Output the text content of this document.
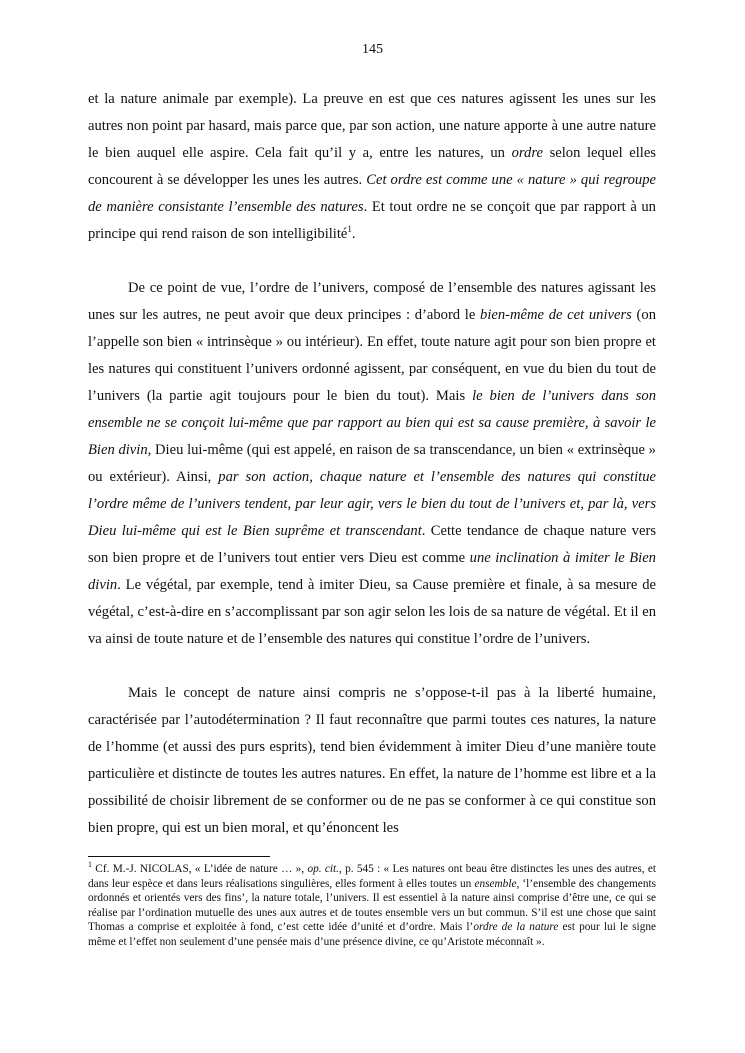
145

et la nature animale par exemple). La preuve en est que ces natures agissent les unes sur les autres non point par hasard, mais parce que, par son action, une nature apporte à une autre nature le bien auquel elle aspire. Cela fait qu’il y a, entre les natures, un ordre selon lequel elles concourent à se développer les unes les autres. Cet ordre est comme une « nature » qui regroupe de manière consistante l’ensemble des natures. Et tout ordre ne se conçoit que par rapport à un principe qui rend raison de son intelligibilité$^1$.

De ce point de vue, l’ordre de l’univers, composé de l’ensemble des natures agissant les unes sur les autres, ne peut avoir que deux principes : d’abord le bien-même de cet univers (on l’appelle son bien « intrinsèque » ou intérieur). En effet, toute nature agit pour son bien propre et les natures qui constituent l’univers ordonné agissent, par conséquent, en vue du bien du tout de l’univers (la partie agit toujours pour le bien du tout). Mais le bien de l’univers dans son ensemble ne se conçoit lui-même que par rapport au bien qui est sa cause première, à savoir le Bien divin, Dieu lui-même (qui est appelé, en raison de sa transcendance, un bien « extrinsèque » ou extérieur). Ainsi, par son action, chaque nature et l’ensemble des natures qui constitue l’ordre même de l’univers tendent, par leur agir, vers le bien du tout de l’univers et, par là, vers Dieu lui-même qui est le Bien suprême et transcendant. Cette tendance de chaque nature vers son bien propre et de l’univers tout entier vers Dieu est comme une inclination à imiter le Bien divin. Le végétal, par exemple, tend à imiter Dieu, sa Cause première et finale, à sa mesure de végétal, c’est-à-dire en s’accomplissant par son agir selon les lois de sa nature de végétal. Et il en va ainsi de toute nature et de l’ensemble des natures qui constitue l’ordre de l’univers.

Mais le concept de nature ainsi compris ne s’oppose-t-il pas à la liberté humaine, caractérisée par l’autodétermination ? Il faut reconnaître que parmi toutes ces natures, la nature de l’homme (et aussi des purs esprits), tend bien évidemment à imiter Dieu d’une manière toute particulière et distincte de toutes les autres natures. En effet, la nature de l’homme est libre et a la possibilité de choisir librement de se conformer ou de ne pas se conformer à ce qui constitue son bien propre, qui est un bien moral, et qu’énoncent les

$^1$ Cf. M.-J. NICOLAS, « L’idée de nature … », op. cit., p. 545 : « Les natures ont beau être distinctes les unes des autres, et dans leur espèce et dans leurs réalisations singulières, elles forment à elles toutes un ensemble, ‘l’ensemble des changements ordonnés et orientés vers des fins’, la nature totale, l’univers. Il est essentiel à la nature ainsi comprise d’être une, ce qui se réalise par l’ordination mutuelle des unes aux autres et de toutes ensemble vers un but commun. S’il est une chose que saint Thomas a comprise et exploitée à fond, c’est cette idée d’unité et d’ordre. Mais l’ordre de la nature est pour lui le signe même et l’effet non seulement d’une pensée mais d’une présence divine, ce qu’Aristote méconnaît ».
